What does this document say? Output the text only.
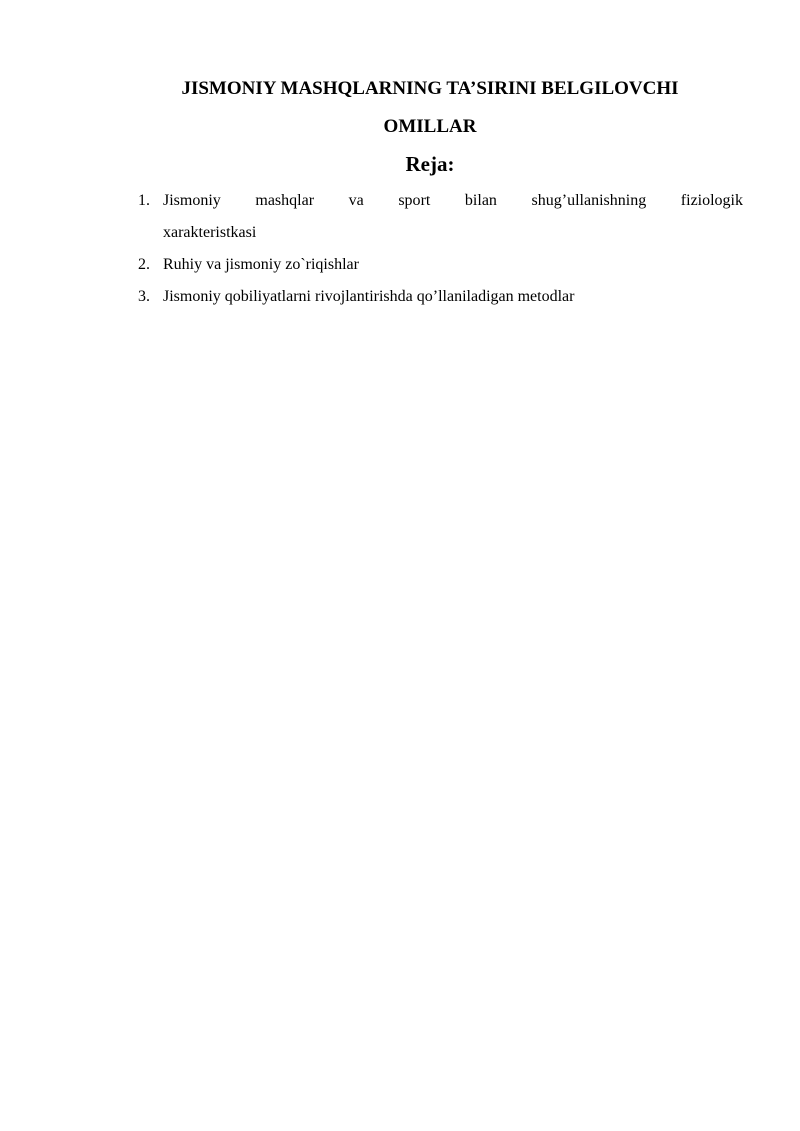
JISMONIY MASHQLARNING TA’SIRINI BELGILOVCHI
OMILLAR
Reja:
1. Jismoniy mashqlar va sport bilan shug’ullanishning fiziologik
xarakteristkasi
2. Ruhiy va jismoniy zo`riqishlar
3. Jismoniy qobiliyatlarni rivojlantirishda qo’llaniladigan metodlar
